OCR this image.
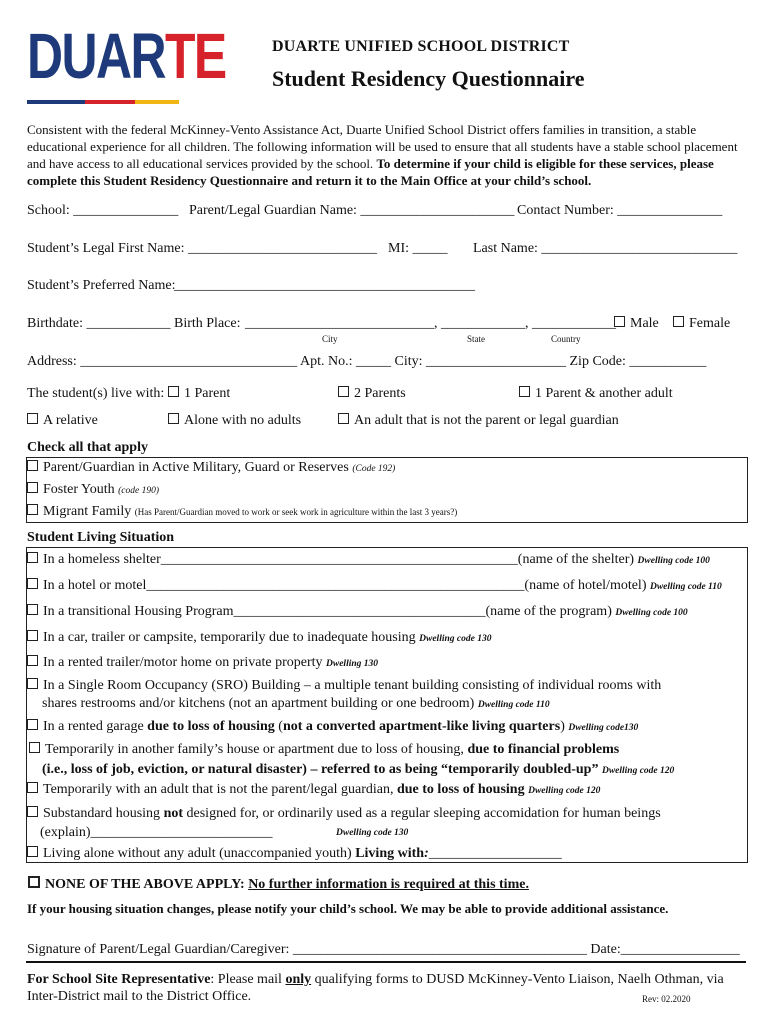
DUARTE	DUARTE UNIFIED SCHOOL DISTRICT
Student Residency Questionnaire
Consistent with the federal McKinney-Vento Assistance Act, Duarte Unified School District offers families in transition, a stable educational experience for all children. The following information will be used to ensure that all students have a stable school placement and have access to all educational services provided by the school. To determine if your child is eligible for these services, please complete this Student Residency Questionnaire and return it to the Main Office at your child’s school.
School: _______________ Parent/Legal Guardian Name: ______________________ Contact Number: _______________
Student’s Legal First Name: ___________________________ MI: _____ Last Name: ____________________________
Student’s Preferred Name:
___________________________________________
Birthdate: ____________ Birth Place: ___________________________, ____________, ____________
City	State	Country
Male	Female
Address: _______________________________ Apt. No.: _____ City: ____________________ Zip Code: ___________
The student(s) live with:	1 Parent	2 Parents	1 Parent & another adult
A relative	Alone with no adults	An adult that is not the parent or legal guardian
Check all that apply
Parent/Guardian in Active Military, Guard or Reserves (Code 192)
Foster Youth (code 190)
Migrant Family (Has Parent/Guardian moved to work or seek work in agriculture within the last 3 years?)
Student Living Situation
In a homeless shelter___________________________________________________(name of the shelter) Dwelling code 100
In a hotel or motel______________________________________________________(name of hotel/motel) Dwelling code 110
In a transitional Housing Program____________________________________(name of the program) Dwelling code 100
In a car, trailer or campsite, temporarily due to inadequate housing Dwelling code 130
In a rented trailer/motor home on private property Dwelling 130
In a Single Room Occupancy (SRO) Building – a multiple tenant building consisting of individual rooms with
shares restrooms and/or kitchens (not an apartment building or one bedroom) Dwelling code 110
In a rented garage due to loss of housing (not a converted apartment-like living quarters) Dwelling code130
Temporarily in another family’s house or apartment due to loss of housing, due to financial problems
(i.e., loss of job, eviction, or natural disaster) – referred to as being “temporarily doubled-up” Dwelling code 120
Temporarily with an adult that is not the parent/legal guardian, due to loss of housing Dwelling code 120
Substandard housing not designed for, or ordinarily used as a regular sleeping accomidation for human beings
(explain)__________________________	Dwelling code 130
Living alone without any adult (unaccompanied youth) Living with:___________________
NONE OF THE ABOVE APPLY: No further information is required at this time.
If your housing situation changes, please notify your child’s school. We may be able to provide additional assistance.
Signature of Parent/Legal Guardian/Caregiver: __________________________________________ Date:_________________
For School Site Representative: Please mail only qualifying forms to DUSD McKinney-Vento Liaison, Naelh Othman, via
Inter-District mail to the District Office.	Rev: 02.2020
